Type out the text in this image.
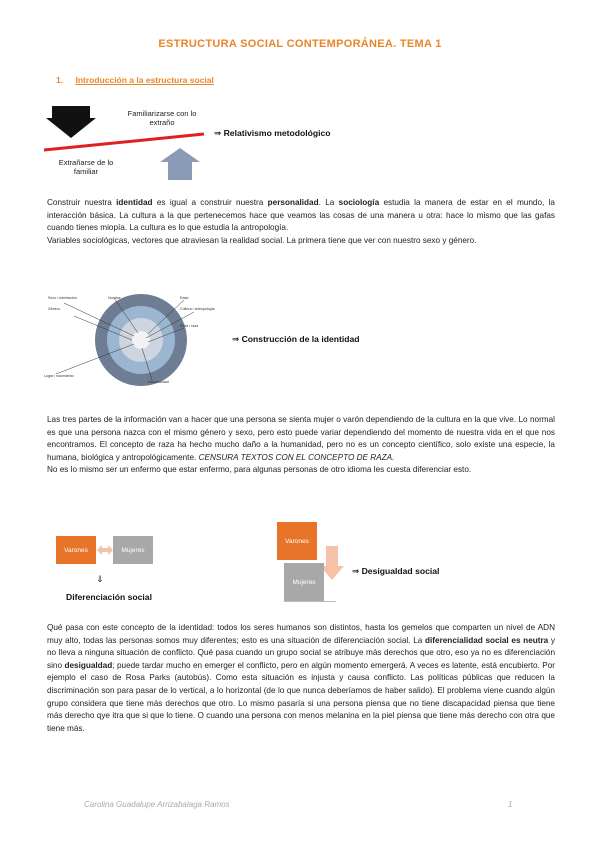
ESTRUCTURA SOCIAL CONTEMPORÁNEA. TEMA 1
1. Introducción a la estructura social
Familiarizarse con lo extraño
Extrañarse de lo familiar
⇒ Relativismo metodológico
Construir nuestra identidad es igual a construir nuestra personalidad. La sociología estudia la manera de estar en el mundo, la interacción básica. La cultura a la que pertenecemos hace que veamos las cosas de una manera u otra: hace lo mismo que las gafas cuando tienes miopía. La cultura es lo que estudia la antropología.
Variables sociológicas, vectores que atraviesan la realidad social. La primera tiene que ver con nuestro sexo y género.
Sexo / orientación
Género
Nombre	Edad
Cultura / antropología
Etnia / raza
Lugar / nacimiento
Nacionalidad
⇒ Construcción de la identidad
Las tres partes de la información van a hacer que una persona se sienta mujer o varón dependiendo de la cultura en la que vive. Lo normal es que una persona nazca con el mismo género y sexo, pero esto puede variar dependiendo del momento de nuestra vida en el que nos encontramos. El concepto de raza ha hecho mucho daño a la humanidad, pero no es un concepto científico, solo existe una especie, la humana, biológica y antropológicamente. CENSURA TEXTOS CON EL CONCEPTO DE RAZA.
No es lo mismo ser un enfermo que estar enfermo, para algunas personas de otro idioma les cuesta diferenciar esto.
Varones	Mujeres
⇓
Diferenciación social
Varones
Mujeres
⇒ Desigualdad social
Qué pasa con este concepto de la identidad: todos los seres humanos son distintos, hasta los gemelos que comparten un nivel de ADN muy alto, todas las personas somos muy diferentes; esto es una situación de diferenciación social. La diferencialidad social es neutra y no lleva a ninguna situación de conflicto. Qué pasa cuando un grupo social se atribuye más derechos que otro, eso ya no es diferenciación sino desigualdad; puede tardar mucho en emerger el conflicto, pero en algún momento emergerá. A veces es latente, está encubierto. Por ejemplo el caso de Rosa Parks (autobús). Como esta situación es injusta y causa conflicto. Las políticas públicas que reducen la discriminación son para pasar de lo vertical, a lo horizontal (de lo que nunca deberíamos de haber salido). El problema viene cuando algún grupo considera que tiene más derechos que otro. Lo mismo pasaría si una persona piensa que no tiene discapacidad piensa que tiene más derecho qye itra que si que lo tiene. O cuando una persona con menos melanina en la piel piensa que tiene más derecho con otra que tiene más.
Carolina Guadalupe Arrizabalaga Ramos	1
